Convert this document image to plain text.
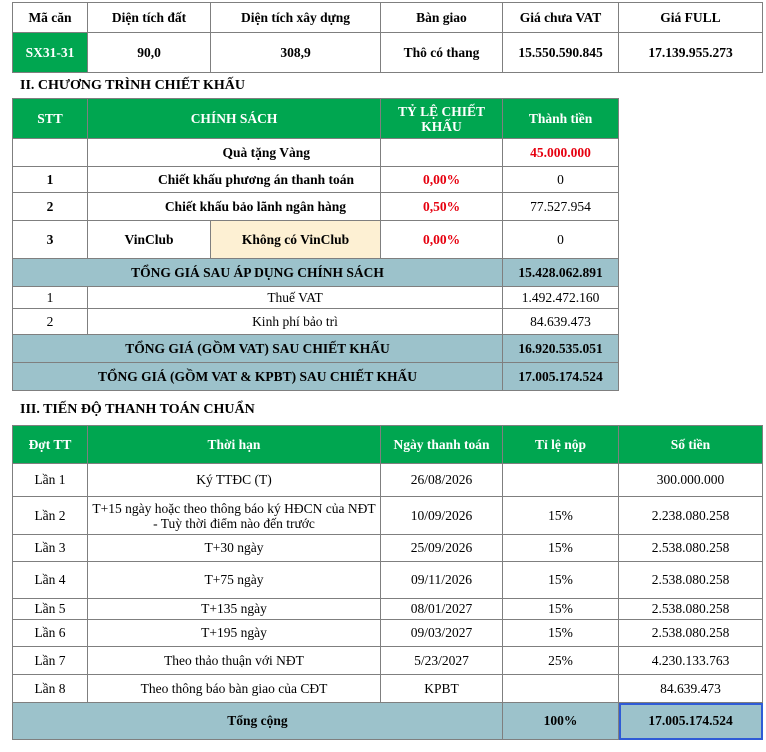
Mã căn	Diện tích đất	Diện tích xây dựng	Bàn giao	Giá chưa VAT	Giá FULL
SX31-31	90,0	308,9	Thô có thang	15.550.590.845	17.139.955.273
II. CHƯƠNG TRÌNH CHIẾT KHẤU
STT	CHÍNH SÁCH		TỶ LỆ CHIẾT KHẤU	Thành tiền
	Quà tặng Vàng			45.000.000
1	Chiết khấu phương án thanh toán		0,00%	0
2	Chiết khấu bảo lãnh ngân hàng		0,50%	77.527.954
3	VinClub	Không có VinClub	0,00%	0
TỔNG GIÁ SAU ÁP DỤNG CHÍNH SÁCH				15.428.062.891
1	Thuế VAT			1.492.472.160
2	Kinh phí bảo trì			84.639.473
TỔNG GIÁ (GỒM VAT) SAU CHIẾT KHẤU				16.920.535.051
TỔNG GIÁ (GỒM VAT & KPBT) SAU CHIẾT KHẤU				17.005.174.524
III. TIẾN ĐỘ THANH TOÁN CHUẨN
Đợt TT	Thời hạn	Ngày thanh toán	Tỉ lệ nộp	Số tiền
Lần 1	Ký TTĐC (T)	26/08/2026		300.000.000
Lần 2	T+15 ngày hoặc theo thông báo ký HĐCN của NĐT - Tuỳ thời điểm nào đến trước	10/09/2026	15%	2.238.080.258
Lần 3	T+30 ngày	25/09/2026	15%	2.538.080.258
Lần 4	T+75 ngày	09/11/2026	15%	2.538.080.258
Lần 5	T+135 ngày	08/01/2027	15%	2.538.080.258
Lần 6	T+195 ngày	09/03/2027	15%	2.538.080.258
Lần 7	Theo thảo thuận với NĐT	5/23/2027	25%	4.230.133.763
Lần 8	Theo thông báo bàn giao của CĐT	KPBT		84.639.473
Tổng cộng			100%	17.005.174.524
